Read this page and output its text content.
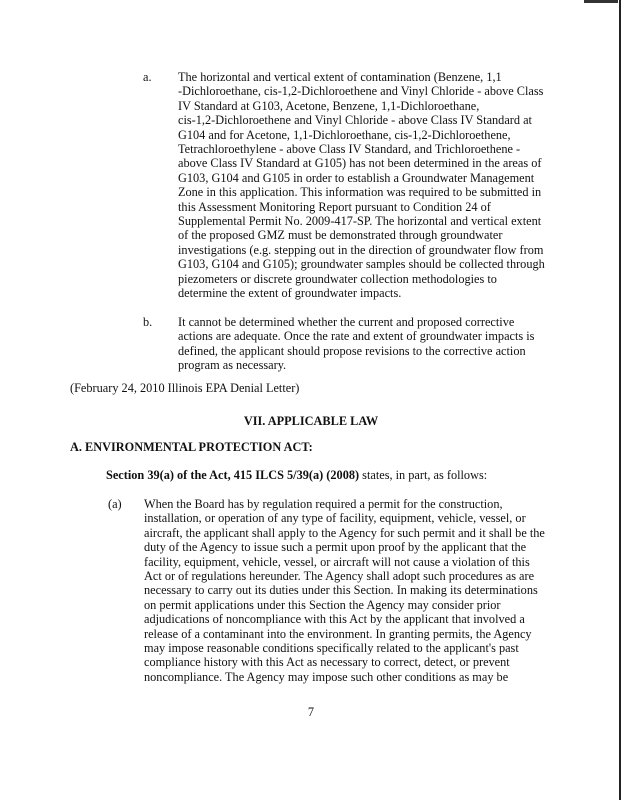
a. The horizontal and vertical extent of contamination (Benzene, 1,1
-Dichloroethane, cis-1,2-Dichloroethene and Vinyl Chloride - above Class
IV Standard at G103, Acetone, Benzene, 1,1-Dichloroethane,
cis-1,2-Dichloroethene and Vinyl Chloride - above Class IV Standard at
G104 and for Acetone, 1,1-Dichloroethane, cis-1,2-Dichloroethene,
Tetrachloroethylene - above Class IV Standard, and Trichloroethene -
above Class IV Standard at G105) has not been determined in the areas of
G103, G104 and G105 in order to establish a Groundwater Management
Zone in this application. This information was required to be submitted in
this Assessment Monitoring Report pursuant to Condition 24 of
Supplemental Permit No. 2009-417-SP. The horizontal and vertical extent
of the proposed GMZ must be demonstrated through groundwater
investigations (e.g. stepping out in the direction of groundwater flow from
G103, G104 and G105); groundwater samples should be collected through
piezometers or discrete groundwater collection methodologies to
determine the extent of groundwater impacts.
b. It cannot be determined whether the current and proposed corrective
actions are adequate. Once the rate and extent of groundwater impacts is
defined, the applicant should propose revisions to the corrective action
program as necessary.
(February 24, 2010 Illinois EPA Denial Letter)
VII. APPLICABLE LAW
A. ENVIRONMENTAL PROTECTION ACT:
Section 39(a) of the Act, 415 ILCS 5/39(a) (2008) states, in part, as follows:
(a) When the Board has by regulation required a permit for the construction,
installation, or operation of any type of facility, equipment, vehicle, vessel, or
aircraft, the applicant shall apply to the Agency for such permit and it shall be the
duty of the Agency to issue such a permit upon proof by the applicant that the
facility, equipment, vehicle, vessel, or aircraft will not cause a violation of this
Act or of regulations hereunder. The Agency shall adopt such procedures as are
necessary to carry out its duties under this Section. In making its determinations
on permit applications under this Section the Agency may consider prior
adjudications of noncompliance with this Act by the applicant that involved a
release of a contaminant into the environment. In granting permits, the Agency
may impose reasonable conditions specifically related to the applicant's past
compliance history with this Act as necessary to correct, detect, or prevent
noncompliance. The Agency may impose such other conditions as may be
7
